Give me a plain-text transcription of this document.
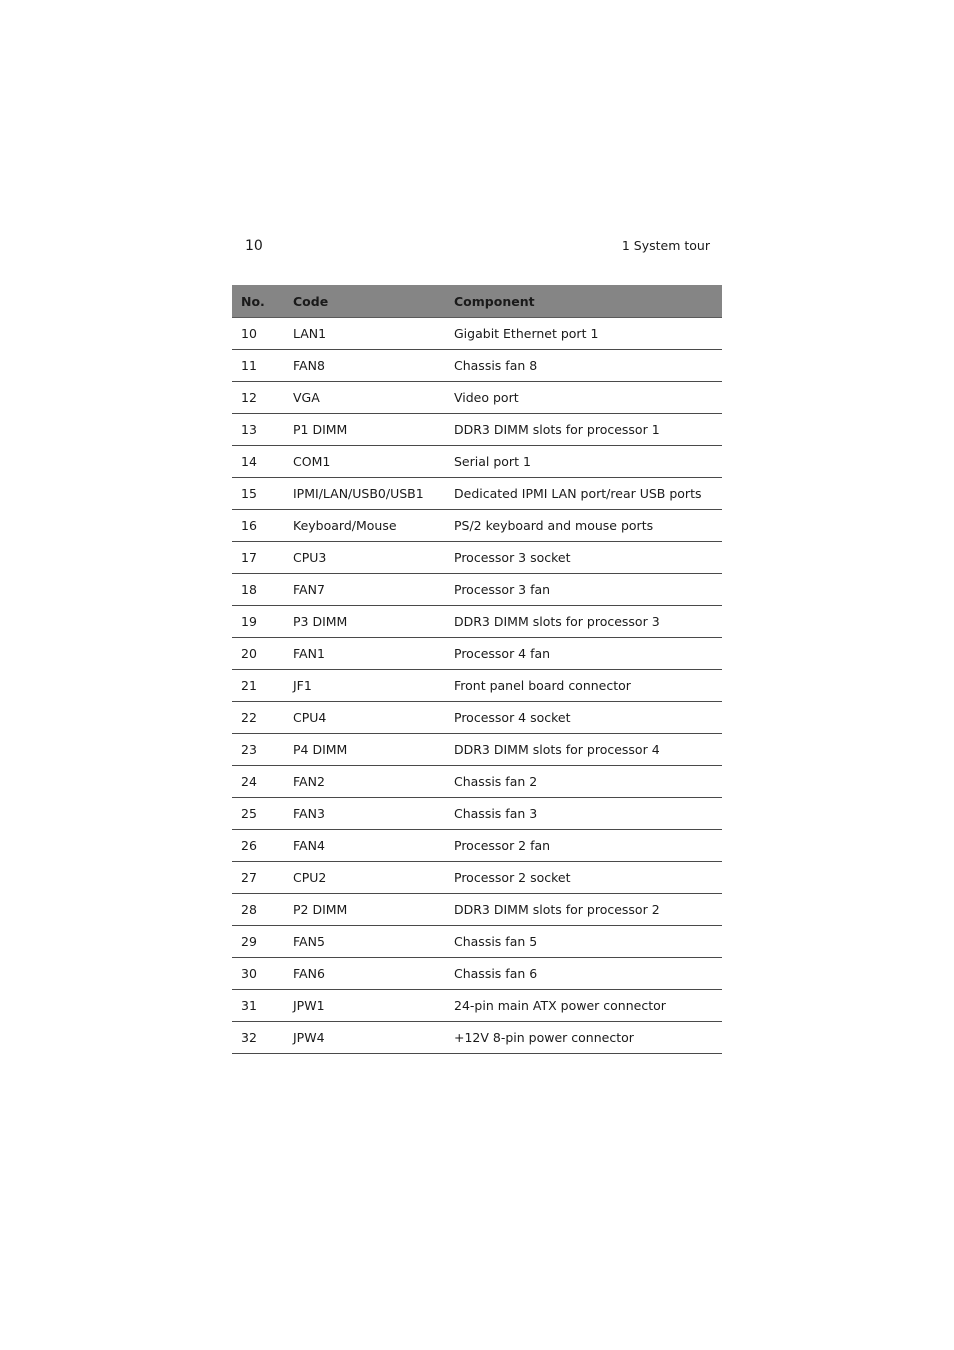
10	1 System tour
No.	Code	Component
10	LAN1	Gigabit Ethernet port 1
11	FAN8	Chassis fan 8
12	VGA	Video port
13	P1 DIMM	DDR3 DIMM slots for processor 1
14	COM1	Serial port 1
15	IPMI/LAN/USB0/USB1	Dedicated IPMI LAN port/rear USB ports
16	Keyboard/Mouse	PS/2 keyboard and mouse ports
17	CPU3	Processor 3 socket
18	FAN7	Processor 3 fan
19	P3 DIMM	DDR3 DIMM slots for processor 3
20	FAN1	Processor 4 fan
21	JF1	Front panel board connector
22	CPU4	Processor 4 socket
23	P4 DIMM	DDR3 DIMM slots for processor 4
24	FAN2	Chassis fan 2
25	FAN3	Chassis fan 3
26	FAN4	Processor 2 fan
27	CPU2	Processor 2 socket
28	P2 DIMM	DDR3 DIMM slots for processor 2
29	FAN5	Chassis fan 5
30	FAN6	Chassis fan 6
31	JPW1	24-pin main ATX power connector
32	JPW4	+12V 8-pin power connector
